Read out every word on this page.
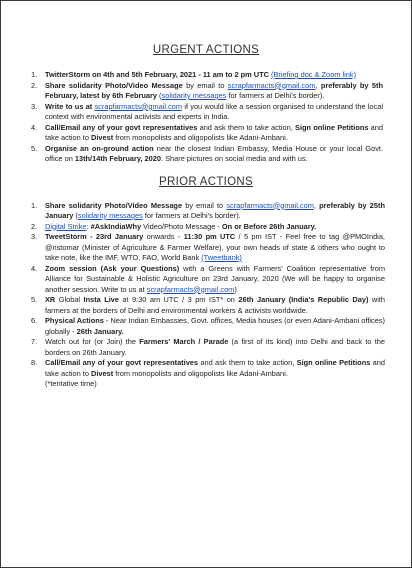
URGENT ACTIONS
1. TwitterStorm on 4th and 5th February, 2021 - 11 am to 2 pm UTC (Briefing doc & Zoom link)
2. Share solidarity Photo/Video Message by email to scrapfarmacts@gmail.com, preferably by 5th February, latest by 6th February (solidarity messages for farmers at Delhi's border).
3. Write to us at scrapfarmacts@gmail.com if you would like a session organised to understand the local context with environmental activists and experts in India.
4. Call/Email any of your govt representatives and ask them to take action, Sign online Petitions and take action to Divest from monopolists and oligopolists like Adani-Ambani.
5. Organise an on-ground action near the closest Indian Embassy, Media House or your local Govt. office on 13th/14th February, 2020. Share pictures on social media and with us.
PRIOR ACTIONS
1. Share solidarity Photo/Video Message by email to scrapfarmacts@gmail.com, preferably by 25th January (solidarity messages for farmers at Delhi's border).
2. Digital Strike: #AskIndiaWhy Video/Photo Message - On or Before 26th January.
3. TweetStorm - 23rd January onwards - 11:30 pm UTC / 5 pm IST - Feel free to tag @PMOIndia, @nstomar (Minister of Agriculture & Farmer Welfare), your own heads of state & others who ought to take note, like the IMF, WTO, FAO, World Bank (Tweetbank)
4. Zoom session (Ask your Questions) with a Greens with Farmers' Coalition representative from Alliance for Sustainable & Holistic Agriculture on 23rd January, 2020 (We will be happy to organise another session. Write to us at scrapfarmacts@gmail.com)
5. XR Global Insta Live at 9:30 am UTC / 3 pm IST* on 26th January (India's Republic Day) with farmers at the borders of Delhi and environmental workers & activists worldwide.
6. Physical Actions - Near Indian Embassies, Govt. offices, Media houses (or even Adani-Ambani offices) globally - 26th January.
7. Watch out for (or Join) the Farmers' March / Parade (a first of its kind) into Delhi and back to the borders on 26th January.
8. Call/Email any of your govt representatives and ask them to take action, Sign online Petitions and take action to Divest from monopolists and oligopolists like Adani-Ambani.
(*tentative time)
